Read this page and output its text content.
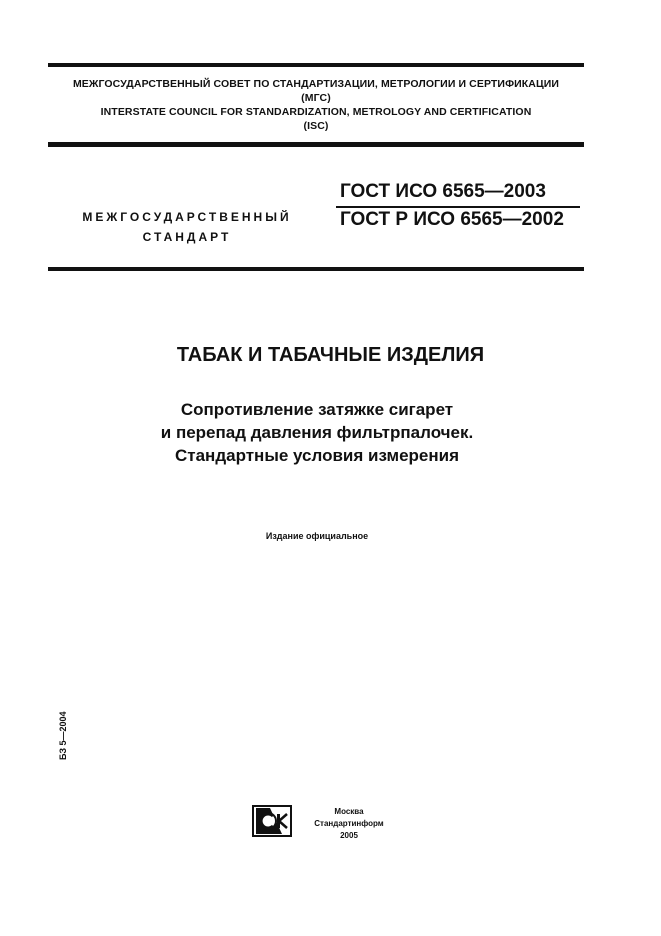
МЕЖГОСУДАРСТВЕННЫЙ СОВЕТ ПО СТАНДАРТИЗАЦИИ, МЕТРОЛОГИИ И СЕРТИФИКАЦИИ
(МГС)
INTERSTATE COUNCIL FOR STANDARDIZATION, METROLOGY AND CERTIFICATION
(ISC)
МЕЖГОСУДАРСТВЕННЫЙ
СТАНДАРТ
ГОСТ ИСО 6565—2003
ГОСТ Р ИСО 6565—2002
ТАБАК И ТАБАЧНЫЕ ИЗДЕЛИЯ
Сопротивление затяжке сигарет
и перепад давления фильтрпалочек.
Стандартные условия измерения
Издание официальное
БЗ 5—2004
Москва
Стандартинформ
2005
